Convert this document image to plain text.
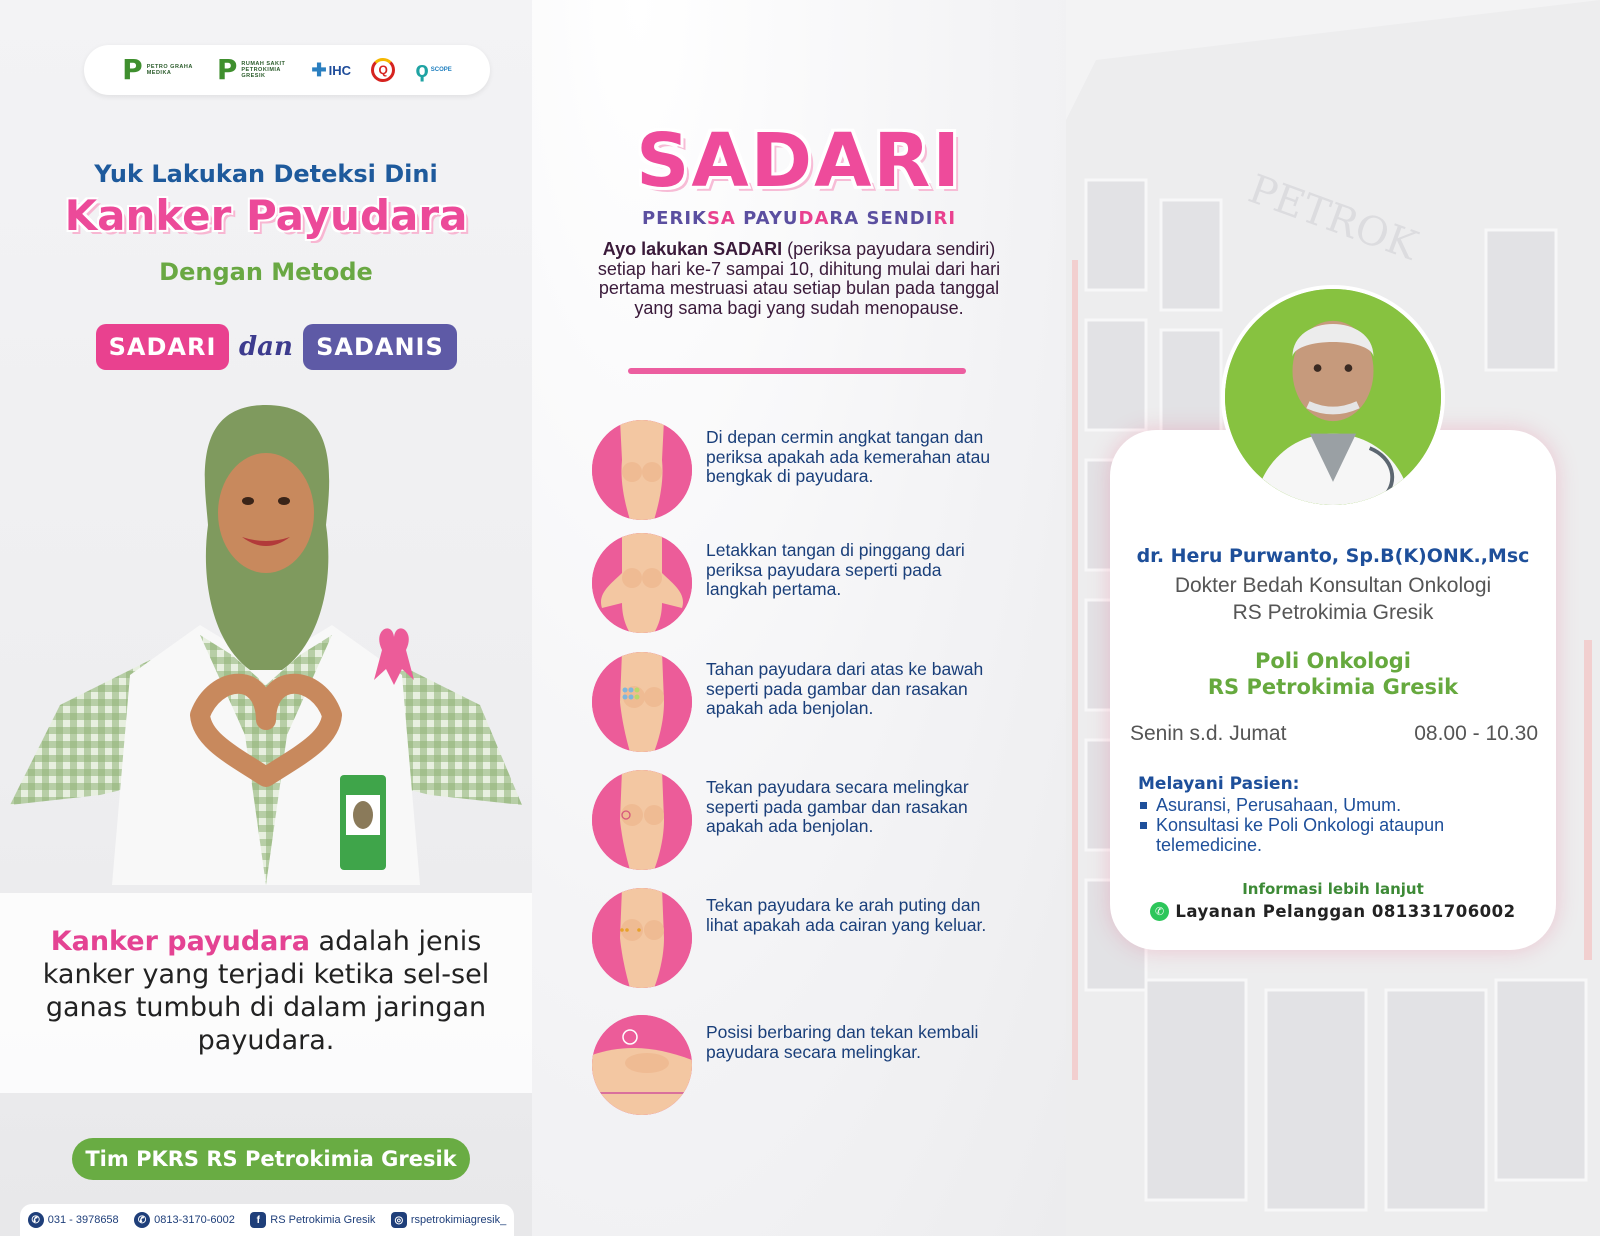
P PETRO GRAHA MEDIKA	P RUMAH SAKIT PETROKIMIA GRESIK	✚ IHC Q ϙ SCOPE
Yuk Lakukan Deteksi Dini
Kanker Payudara
Dengan Metode
SADARI dan SADANIS

Kanker payudara adalah jenis kanker yang terjadi ketika sel-sel ganas tumbuh di dalam jaringan payudara.

Tim PKRS RS Petrokimia Gresik
✆ 031 - 3978658	✆ 0813-3170-6002	f RS Petrokimia Gresik	◎ rspetrokimiagresik_
SADARI
PERIKSA PAYUDARA SENDIRI

Ayo lakukan SADARI (periksa payudara sendiri) setiap hari ke-7 sampai 10, dihitung mulai dari hari pertama mestruasi atau setiap bulan pada tanggal yang sama bagi yang sudah menopause.

Di depan cermin angkat tangan dan periksa apakah ada kemerahan atau bengkak di payudara.
Letakkan tangan di pinggang dari periksa payudara seperti pada langkah pertama.
Tahan payudara dari atas ke bawah seperti pada gambar dan rasakan apakah ada benjolan.
Tekan payudara secara melingkar seperti pada gambar dan rasakan apakah ada benjolan.
Tekan payudara ke arah puting dan lihat apakah ada cairan yang keluar.
Posisi berbaring dan tekan kembali payudara secara melingkar.
PETROK
dr. Heru Purwanto, Sp.B(K)ONK.,Msc
Dokter Bedah Konsultan Onkologi
RS Petrokimia Gresik
Poli Onkologi
RS Petrokimia Gresik
Senin s.d. Jumat	08.00 - 10.30
Melayani Pasien:
Asuransi, Perusahaan, Umum.
Konsultasi ke Poli Onkologi ataupun telemedicine.
Informasi lebih lanjut
✆ Layanan Pelanggan 081331706002
